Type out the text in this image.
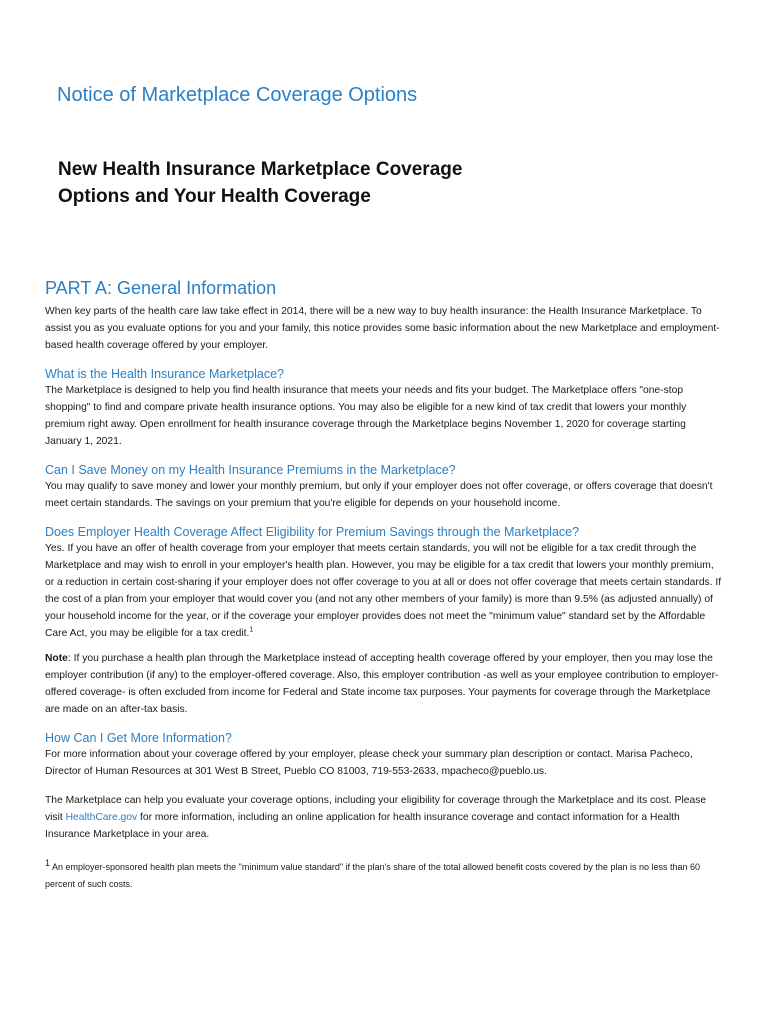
Notice of Marketplace Coverage Options
New Health Insurance Marketplace Coverage
Options and Your Health Coverage
PART A: General Information

When key parts of the health care law take effect in 2014, there will be a new way to buy health insurance: the Health Insurance Marketplace. To assist you as you evaluate options for you and your family, this notice provides some basic information about the new Marketplace and employment-based health coverage offered by your employer.

What is the Health Insurance Marketplace?

The Marketplace is designed to help you find health insurance that meets your needs and fits your budget. The Marketplace offers "one-stop shopping" to find and compare private health insurance options. You may also be eligible for a new kind of tax credit that lowers your monthly premium right away. Open enrollment for health insurance coverage through the Marketplace begins November 1, 2020 for coverage starting January 1, 2021.

Can I Save Money on my Health Insurance Premiums in the Marketplace?

You may qualify to save money and lower your monthly premium, but only if your employer does not offer coverage, or offers coverage that doesn't meet certain standards. The savings on your premium that you're eligible for depends on your household income.

Does Employer Health Coverage Affect Eligibility for Premium Savings through the Marketplace?

Yes. If you have an offer of health coverage from your employer that meets certain standards, you will not be eligible for a tax credit through the Marketplace and may wish to enroll in your employer's health plan. However, you may be eligible for a tax credit that lowers your monthly premium, or a reduction in certain cost-sharing if your employer does not offer coverage to you at all or does not offer coverage that meets certain standards. If the cost of a plan from your employer that would cover you (and not any other members of your family) is more than 9.5% (as adjusted annually) of your household income for the year, or if the coverage your employer provides does not meet the "minimum value" standard set by the Affordable Care Act, you may be eligible for a tax credit.$^1$

Note: If you purchase a health plan through the Marketplace instead of accepting health coverage offered by your employer, then you may lose the employer contribution (if any) to the employer-offered coverage. Also, this employer contribution -as well as your employee contribution to employer-offered coverage- is often excluded from income for Federal and State income tax purposes. Your payments for coverage through the Marketplace are made on an after-tax basis.

How Can I Get More Information?

For more information about your coverage offered by your employer, please check your summary plan description or contact. Marisa Pacheco, Director of Human Resources at 301 West B Street, Pueblo CO 81003, 719-553-2633, mpacheco@pueblo.us.

The Marketplace can help you evaluate your coverage options, including your eligibility for coverage through the Marketplace and its cost. Please visit HealthCare.gov for more information, including an online application for health insurance coverage and contact information for a Health Insurance Marketplace in your area.

1 An employer-sponsored health plan meets the "minimum value standard" if the plan's share of the total allowed benefit costs covered by the plan is no less than 60 percent of such costs.
